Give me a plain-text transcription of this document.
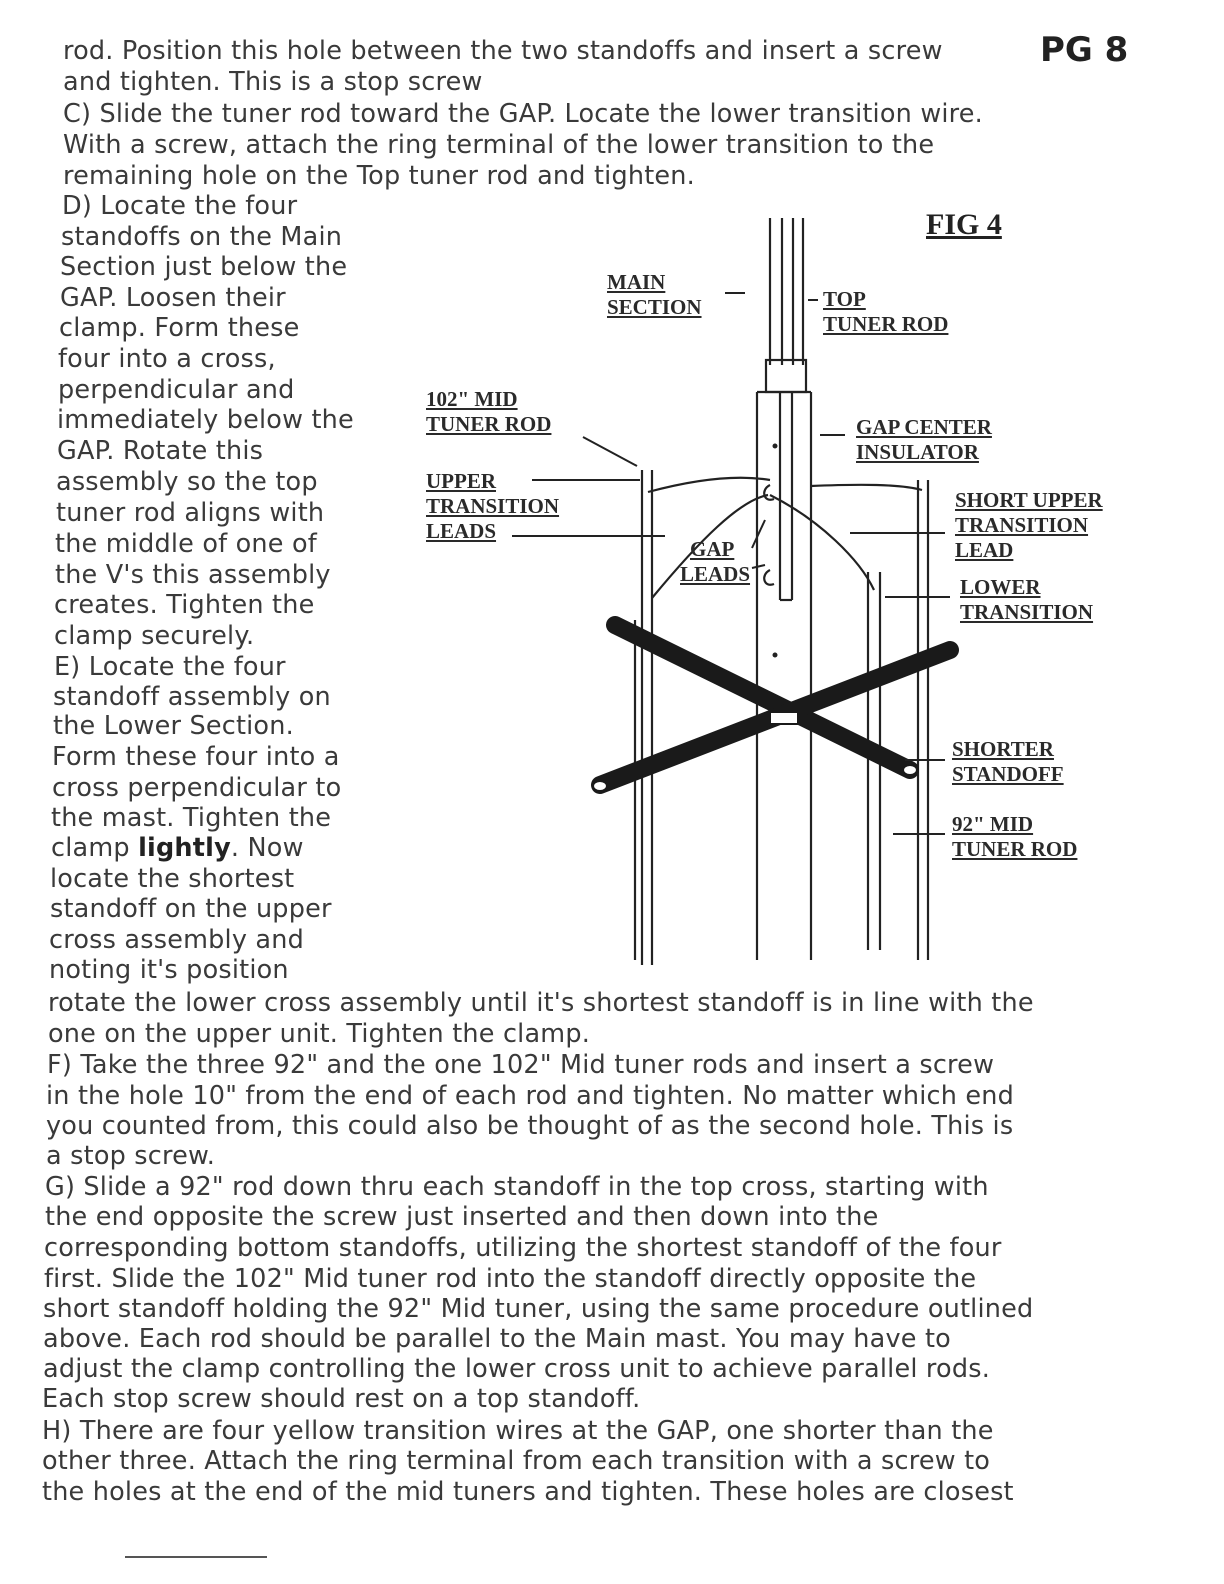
PG 8
rod. Position this hole between the two standoffs and insert a screw
and tighten. This is a stop screw
C) Slide the tuner rod toward the GAP. Locate the lower transition wire.
With a screw, attach the ring terminal of the lower transition to the
remaining hole on the Top tuner rod and tighten.
D) Locate the four
standoffs on the Main
Section just below the
GAP. Loosen their
clamp. Form these
four into a cross,
perpendicular and
immediately below the
GAP. Rotate this
assembly so the top
tuner rod aligns with
the middle of one of
the V's this assembly
creates. Tighten the
clamp securely.
E) Locate the four
standoff assembly on
the Lower Section.
Form these four into a
cross perpendicular to
the mast. Tighten the
clamp lightly. Now
locate the shortest
standoff on the upper
cross assembly and
noting it's position
rotate the lower cross assembly until it's shortest standoff is in line with the
one on the upper unit. Tighten the clamp.
F) Take the three 92" and the one 102" Mid tuner rods and insert a screw
in the hole 10" from the end of each rod and tighten. No matter which end
you counted from, this could also be thought of as the second hole. This is
a stop screw.
G) Slide a 92" rod down thru each standoff in the top cross, starting with
the end opposite the screw just inserted and then down into the
corresponding bottom standoffs, utilizing the shortest standoff of the four
first. Slide the 102" Mid tuner rod into the standoff directly opposite the
short standoff holding the 92" Mid tuner, using the same procedure outlined
above. Each rod should be parallel to the Main mast. You may have to
adjust the clamp controlling the lower cross unit to achieve parallel rods.
Each stop screw should rest on a top standoff.
H) There are four yellow transition wires at the GAP, one shorter than the
other three. Attach the ring terminal from each transition with a screw to
the holes at the end of the mid tuners and tighten. These holes are closest
FIG 4
MAIN
SECTION	TOP
TUNER ROD
102" MID
TUNER ROD	GAP CENTER
INSULATOR
UPPER
TRANSITION
LEADS
SHORT UPPER
TRANSITION
LEAD
GAP
LEADS
LOWER
TRANSITION
SHORTER
STANDOFF
92" MID
TUNER ROD
